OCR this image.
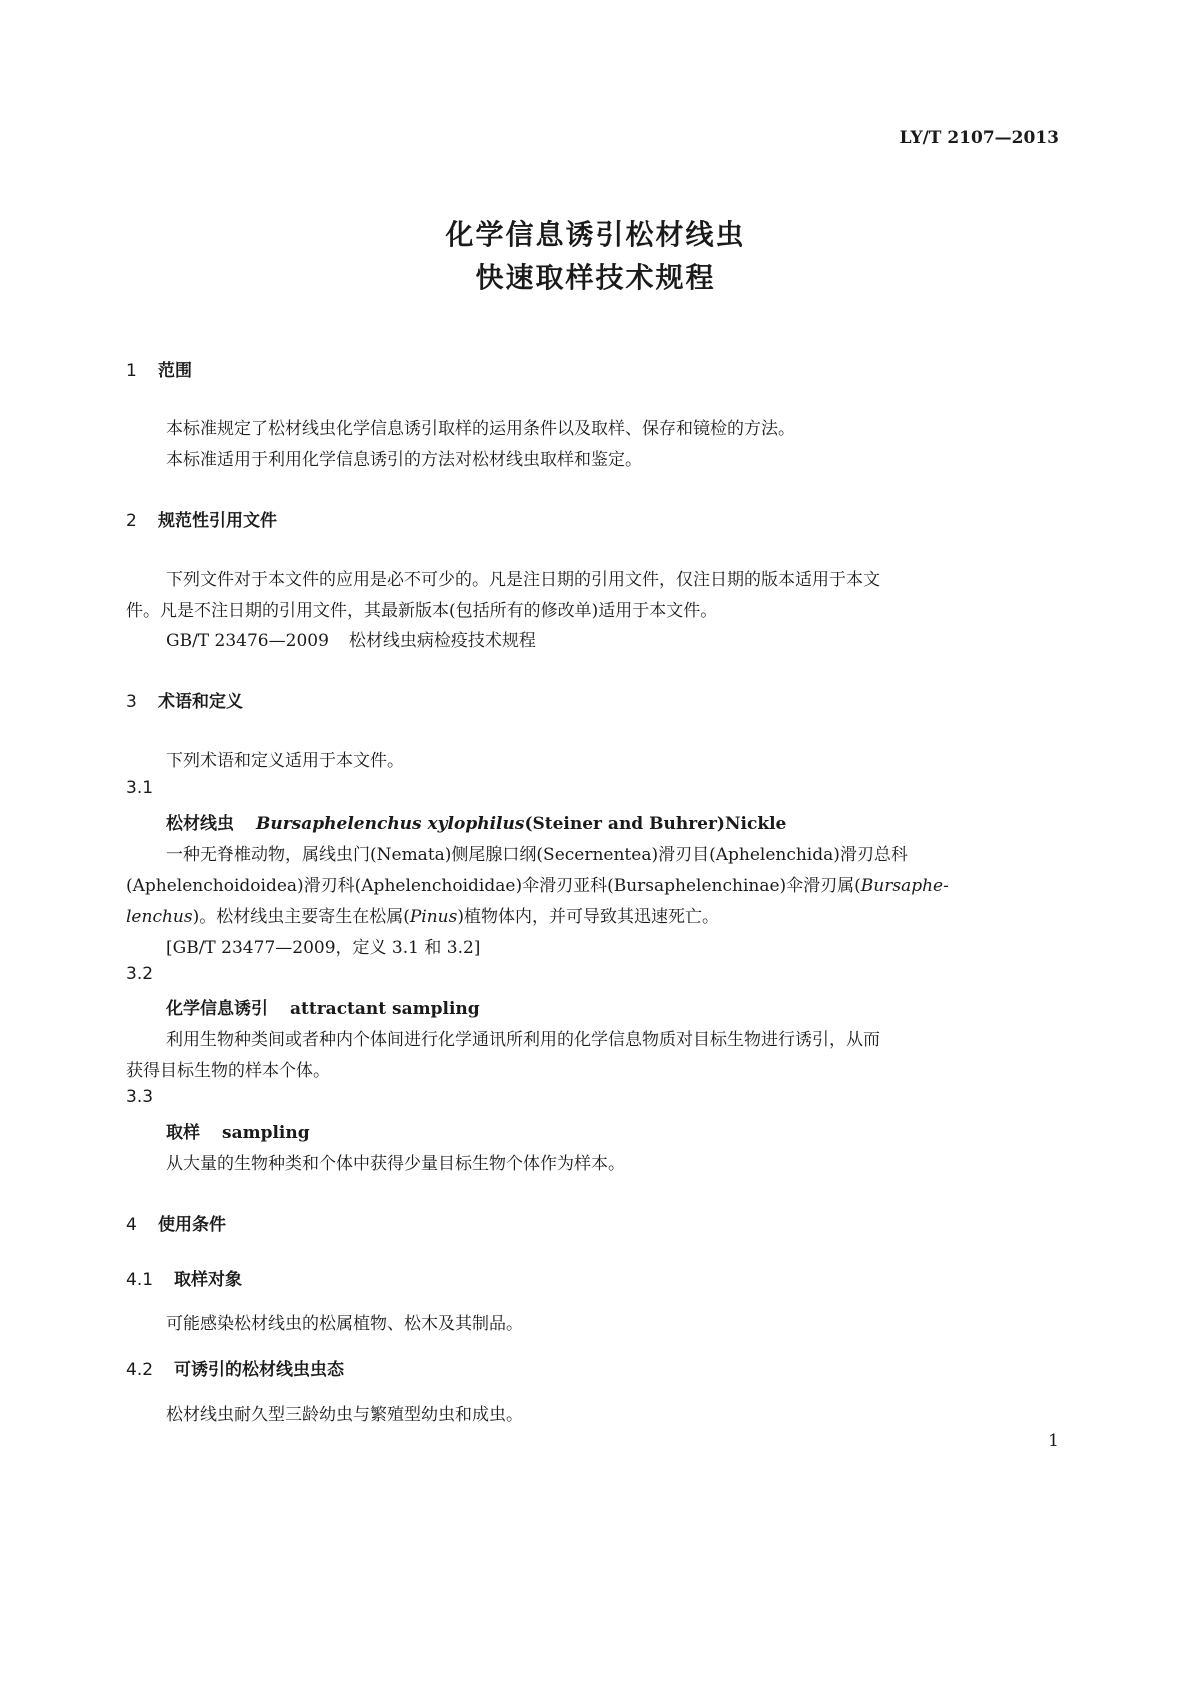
LY/T 2107—2013
化学信息诱引松材线虫
快速取样技术规程
1 范围
本标准规定了松材线虫化学信息诱引取样的运用条件以及取样、保存和镜检的方法。
本标准适用于利用化学信息诱引的方法对松材线虫取样和鉴定。
2 规范性引用文件
下列文件对于本文件的应用是必不可少的。凡是注日期的引用文件，仅注日期的版本适用于本文
件。凡是不注日期的引用文件，其最新版本(包括所有的修改单)适用于本文件。
GB/T 23476—2009 松材线虫病检疫技术规程
3 术语和定义
下列术语和定义适用于本文件。
3.1
松材线虫 Bursaphelenchus xylophilus(Steiner and Buhrer)Nickle
一种无脊椎动物，属线虫门(Nemata)侧尾腺口纲(Secernentea)滑刃目(Aphelenchida)滑刃总科
(Aphelenchoidoidea)滑刃科(Aphelenchoididae)伞滑刃亚科(Bursaphelenchinae)伞滑刃属(Bursaphe-
lenchus)。松材线虫主要寄生在松属(Pinus)植物体内，并可导致其迅速死亡。
[GB/T 23477—2009，定义 3.1 和 3.2]
3.2
化学信息诱引 attractant sampling
利用生物种类间或者种内个体间进行化学通讯所利用的化学信息物质对目标生物进行诱引，从而
获得目标生物的样本个体。
3.3
取样 sampling
从大量的生物种类和个体中获得少量目标生物个体作为样本。
4 使用条件
4.1 取样对象
可能感染松材线虫的松属植物、松木及其制品。
4.2 可诱引的松材线虫虫态
松材线虫耐久型三龄幼虫与繁殖型幼虫和成虫。
1
